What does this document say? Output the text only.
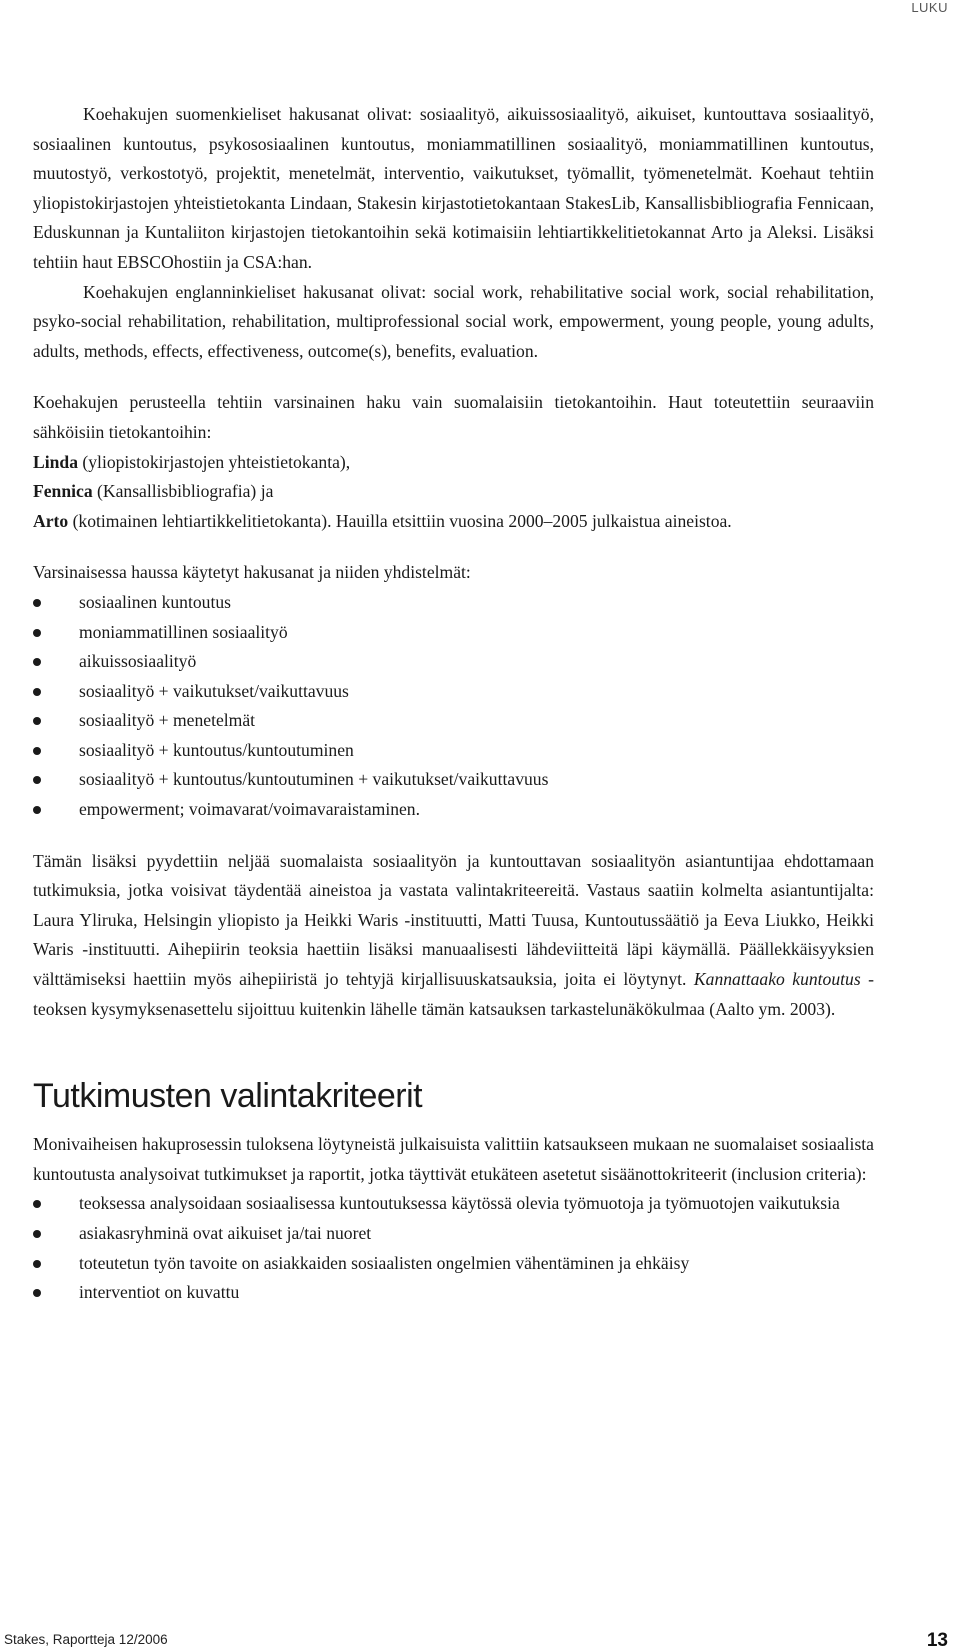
LUKU

Koehakujen suomenkieliset hakusanat olivat: sosiaalityö, aikuissosiaalityö, aikuiset, kuntouttava sosiaalityö, sosiaalinen kuntoutus, psykososiaalinen kuntoutus, moniammatillinen sosiaalityö, moniammatillinen kuntoutus, muutostyö, verkostotyö, projektit, menetelmät, interventio, vaikutukset, työmallit, työmenetelmät. Koehaut tehtiin yliopistokirjastojen yhteistietokanta Lindaan, Stakesin kirjastotietokantaan StakesLib, Kansallisbibliografia Fennicaan, Eduskunnan ja Kuntaliiton kirjastojen tietokantoihin sekä kotimaisiin lehtiartikkelitietokannat Arto ja Aleksi. Lisäksi tehtiin haut EBSCOhostiin ja CSA:han.

Koehakujen englanninkieliset hakusanat olivat: social work, rehabilitative social work, social rehabilitation, psyko-social rehabilitation, rehabilitation, multiprofessional social work, empowerment, young people, young adults, adults, methods, effects, effectiveness, outcome(s), benefits, evaluation.

Koehakujen perusteella tehtiin varsinainen haku vain suomalaisiin tietokantoihin. Haut toteutettiin seuraaviin sähköisiin tietokantoihin:

Linda (yliopistokirjastojen yhteistietokanta),

Fennica (Kansallisbibliografia) ja

Arto (kotimainen lehtiartikkelitietokanta). Hauilla etsittiin vuosina 2000–2005 julkaistua aineistoa.

Varsinaisessa haussa käytetyt hakusanat ja niiden yhdistelmät:

sosiaalinen kuntoutus
moniammatillinen sosiaalityö
aikuissosiaalityö
sosiaalityö + vaikutukset/vaikuttavuus
sosiaalityö + menetelmät
sosiaalityö + kuntoutus/kuntoutuminen
sosiaalityö + kuntoutus/kuntoutuminen + vaikutukset/vaikuttavuus
empowerment; voimavarat/voimavaraistaminen.

Tämän lisäksi pyydettiin neljää suomalaista sosiaalityön ja kuntouttavan sosiaalityön asiantuntijaa ehdottamaan tutkimuksia, jotka voisivat täydentää aineistoa ja vastata valintakriteereitä. Vastaus saatiin kolmelta asiantuntijalta: Laura Yliruka, Helsingin yliopisto ja Heikki Waris -instituutti, Matti Tuusa, Kuntoutussäätiö ja Eeva Liukko, Heikki Waris -instituutti. Aihepiirin teoksia haettiin lisäksi manuaalisesti lähdeviitteitä läpi käymällä. Päällekkäisyyksien välttämiseksi haettiin myös aihepiiristä jo tehtyjä kirjallisuuskatsauksia, joita ei löytynyt. Kannattaako kuntoutus -teoksen kysymyksenasettelu sijoittuu kuitenkin lähelle tämän katsauksen tarkastelunäkökulmaa (Aalto ym. 2003).

Tutkimusten valintakriteerit

Monivaiheisen hakuprosessin tuloksena löytyneistä julkaisuista valittiin katsaukseen mukaan ne suomalaiset sosiaalista kuntoutusta analysoivat tutkimukset ja raportit, jotka täyttivät etukäteen asetetut sisäänottokriteerit (inclusion criteria):

teoksessa analysoidaan sosiaalisessa kuntoutuksessa käytössä olevia työmuotoja ja työmuotojen vaikutuksia
asiakasryhminä ovat aikuiset ja/tai nuoret
toteutetun työn tavoite on asiakkaiden sosiaalisten ongelmien vähentäminen ja ehkäisy
interventiot on kuvattu
Stakes, Raportteja 12/2006	13
